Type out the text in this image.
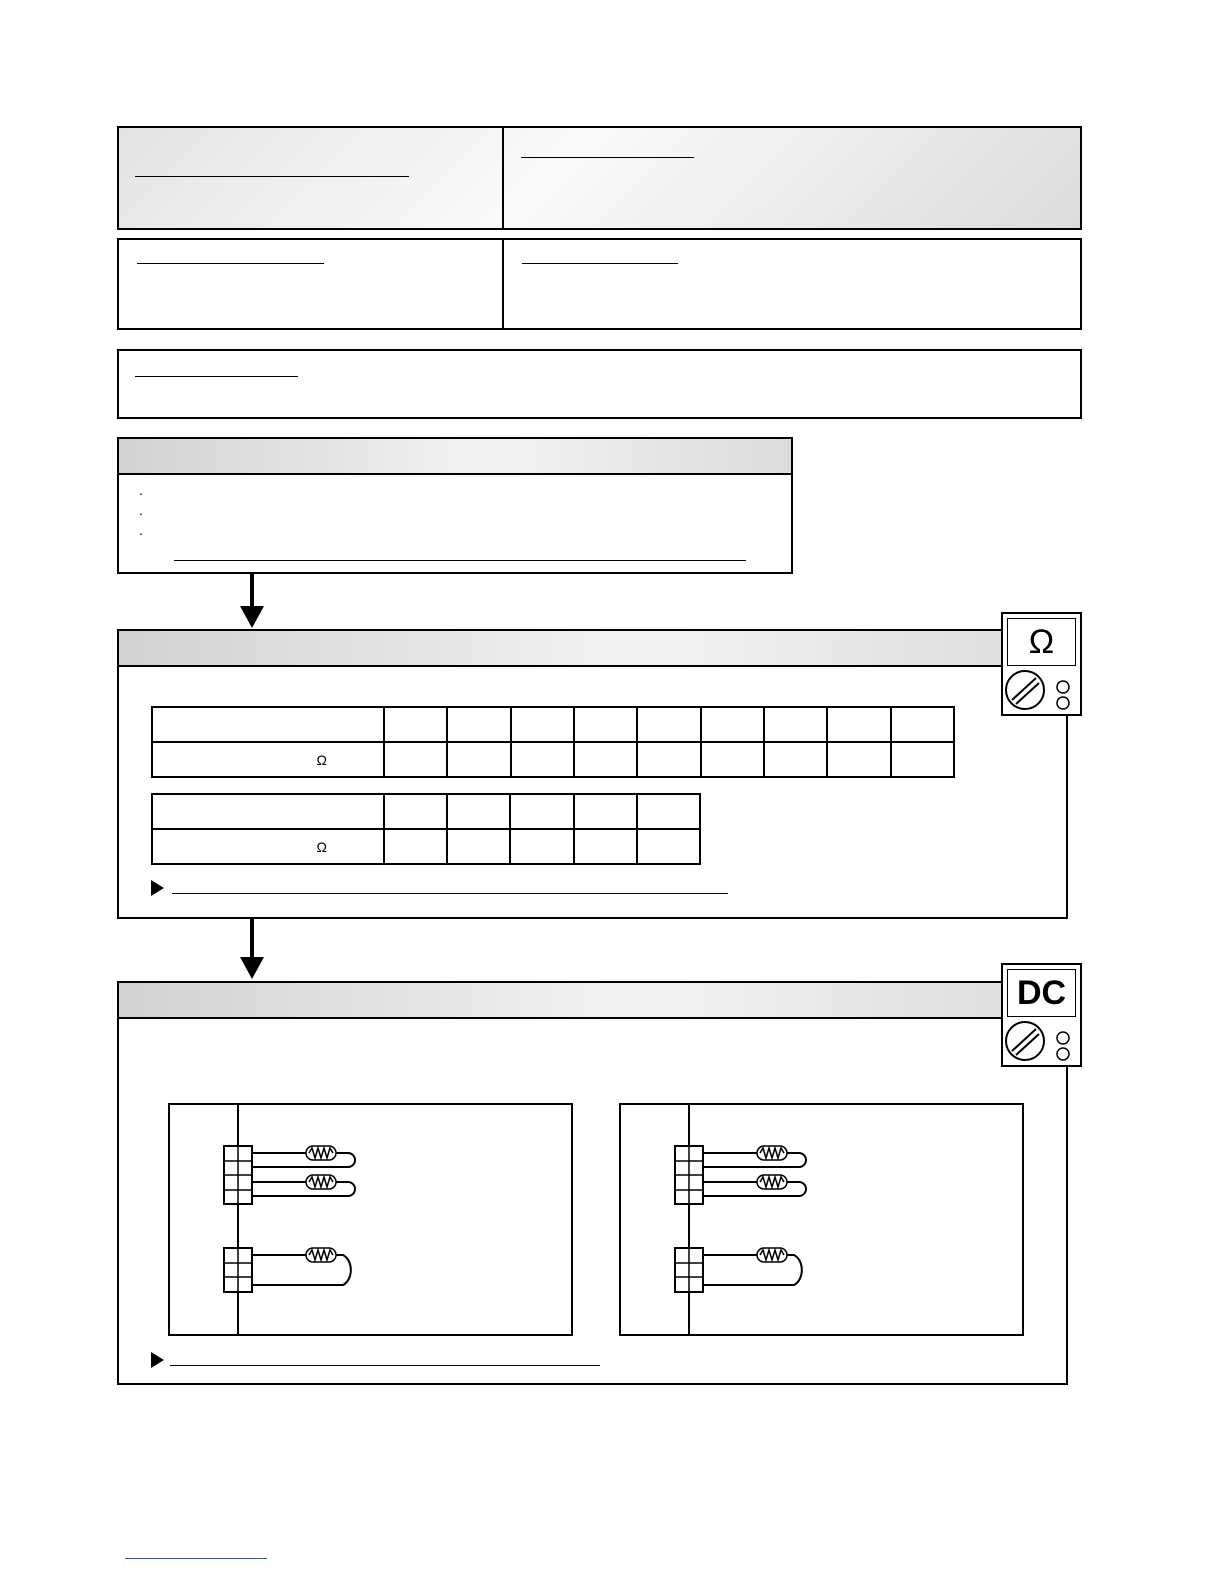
.
.
.

Ω									

Ω					
Ω
DC
